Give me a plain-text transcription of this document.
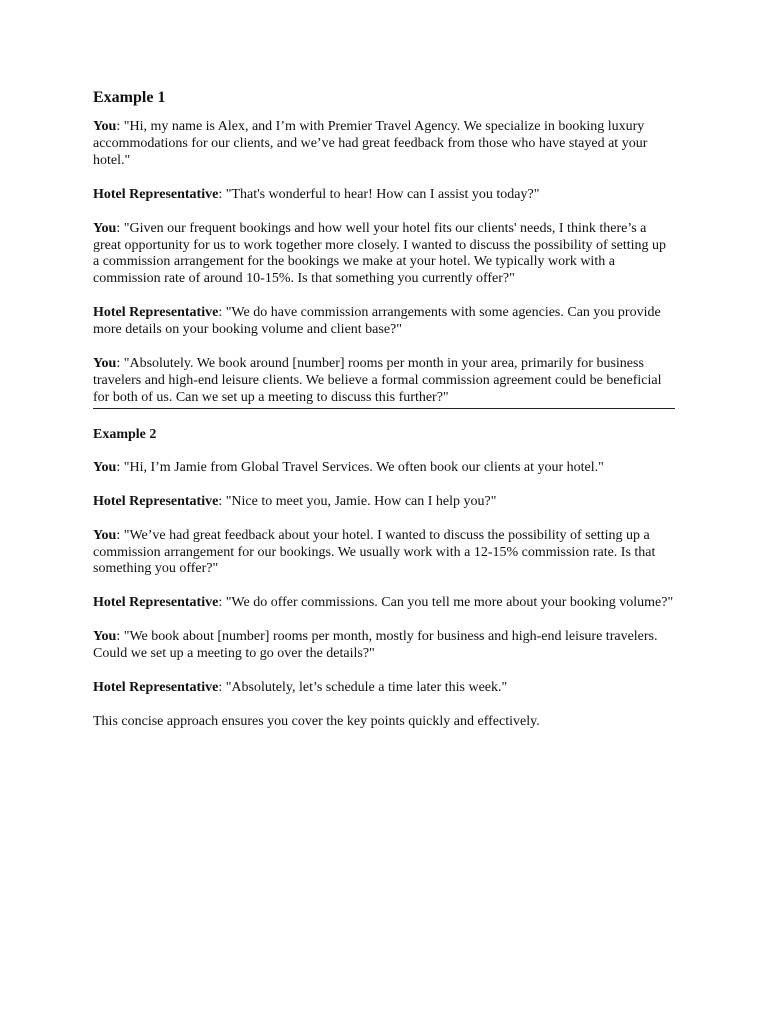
Example 1

You: "Hi, my name is Alex, and I’m with Premier Travel Agency. We specialize in booking luxury accommodations for our clients, and we’ve had great feedback from those who have stayed at your hotel."

Hotel Representative: "That's wonderful to hear! How can I assist you today?"

You: "Given our frequent bookings and how well your hotel fits our clients' needs, I think there’s a great opportunity for us to work together more closely. I wanted to discuss the possibility of setting up a commission arrangement for the bookings we make at your hotel. We typically work with a commission rate of around 10-15%. Is that something you currently offer?"

Hotel Representative: "We do have commission arrangements with some agencies. Can you provide more details on your booking volume and client base?"

You: "Absolutely. We book around [number] rooms per month in your area, primarily for business travelers and high-end leisure clients. We believe a formal commission agreement could be beneficial for both of us. Can we set up a meeting to discuss this further?"

Example 2

You: "Hi, I’m Jamie from Global Travel Services. We often book our clients at your hotel."

Hotel Representative: "Nice to meet you, Jamie. How can I help you?"

You: "We’ve had great feedback about your hotel. I wanted to discuss the possibility of setting up a commission arrangement for our bookings. We usually work with a 12-15% commission rate. Is that something you offer?"

Hotel Representative: "We do offer commissions. Can you tell me more about your booking volume?"

You: "We book about [number] rooms per month, mostly for business and high-end leisure travelers. Could we set up a meeting to go over the details?"

Hotel Representative: "Absolutely, let’s schedule a time later this week."

This concise approach ensures you cover the key points quickly and effectively.
